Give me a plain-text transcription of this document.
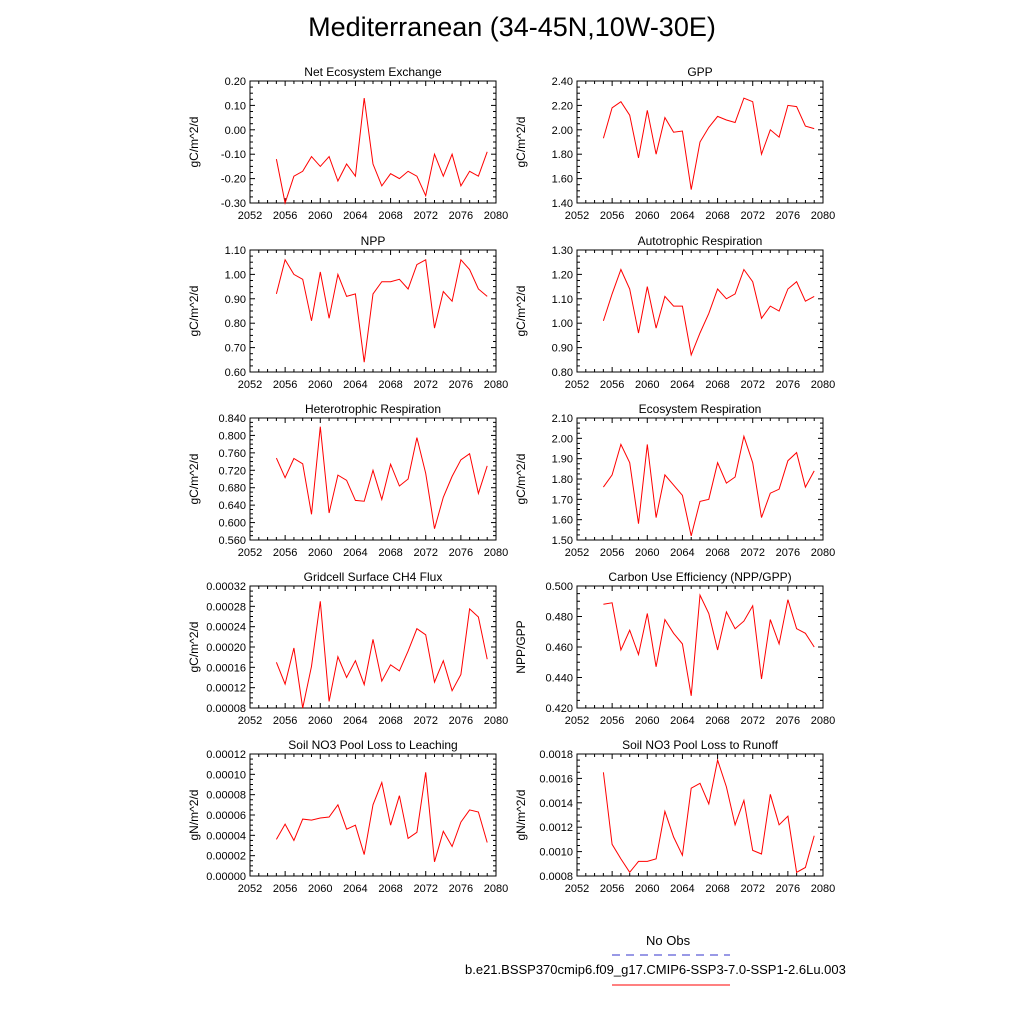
Mediterranean (34-45N,10W-30E)
Net Ecosystem Exchange
gC/m^2/d
2052 2056 2060 2064 2068 2072 2076 2080
-0.30
-0.20
-0.10
0.00
0.10
0.20
GPP
gC/m^2/d
2052 2056 2060 2064 2068 2072 2076 2080
1.40
1.60
1.80
2.00
2.20
2.40
NPP
gC/m^2/d
2052 2056 2060 2064 2068 2072 2076 2080
0.60
0.70
0.80
0.90
1.00
1.10
Autotrophic Respiration
gC/m^2/d
2052 2056 2060 2064 2068 2072 2076 2080
0.80
0.90
1.00
1.10
1.20
1.30
Heterotrophic Respiration
gC/m^2/d
2052 2056 2060 2064 2068 2072 2076 2080
0.560
0.600
0.640
0.680
0.720
0.760
0.800
0.840
Ecosystem Respiration
gC/m^2/d
2052 2056 2060 2064 2068 2072 2076 2080
1.50
1.60
1.70
1.80
1.90
2.00
2.10
Gridcell Surface CH4 Flux
gC/m^2/d
2052 2056 2060 2064 2068 2072 2076 2080
0.00008
0.00012
0.00016
0.00020
0.00024
0.00028
0.00032
Carbon Use Efficiency (NPP/GPP)
NPP/GPP
2052 2056 2060 2064 2068 2072 2076 2080
0.420
0.440
0.460
0.480
0.500
Soil NO3 Pool Loss to Leaching
gN/m^2/d
2052 2056 2060 2064 2068 2072 2076 2080
0.00000
0.00002
0.00004
0.00006
0.00008
0.00010
0.00012
Soil NO3 Pool Loss to Runoff
gN/m^2/d
2052 2056 2060 2064 2068 2072 2076 2080
0.0008
0.0010
0.0012
0.0014
0.0016
0.0018
No Obs
b.e21.BSSP370cmip6.f09_g17.CMIP6-SSP3-7.0-SSP1-2.6Lu.003
